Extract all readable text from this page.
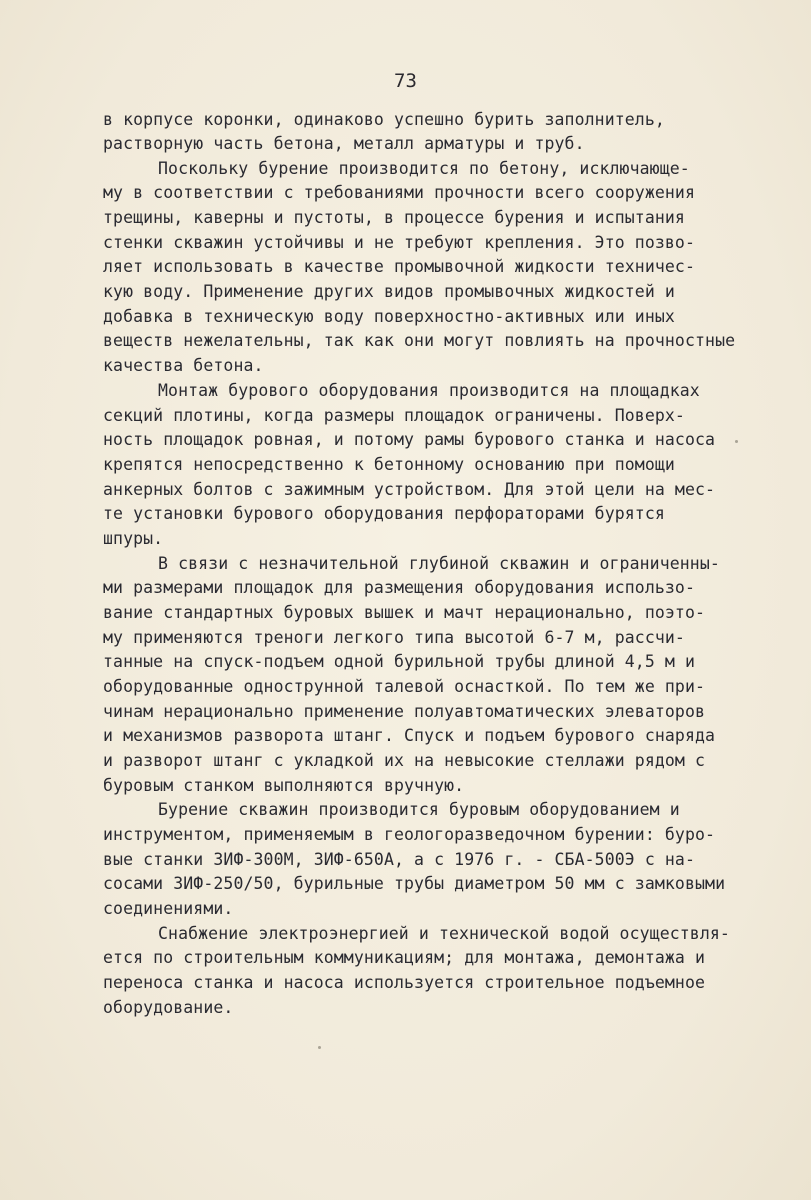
73
в корпусе коронки, одинаково успешно бурить заполнитель,
растворную часть бетона, металл арматуры и труб.
Поскольку бурение производится по бетону, исключающе-
му в соответствии с требованиями прочности всего сооружения
трещины, каверны и пустоты, в процессе бурения и испытания
стенки скважин устойчивы и не требуют крепления. Это позво-
ляет использовать в качестве промывочной жидкости техничес-
кую воду. Применение других видов промывочных жидкостей и
добавка в техническую воду поверхностно-активных или иных
веществ нежелательны, так как они могут повлиять на прочностные
качества бетона.
Монтаж бурового оборудования производится на площадках
секций плотины, когда размеры площадок ограничены. Поверх-
ность площадок ровная, и потому рамы бурового станка и насоса
крепятся непосредственно к бетонному основанию при помощи
анкерных болтов с зажимным устройством. Для этой цели на мес-
те установки бурового оборудования перфораторами бурятся
шпуры.
В связи с незначительной глубиной скважин и ограниченны-
ми размерами площадок для размещения оборудования использо-
вание стандартных буровых вышек и мачт нерационально, поэто-
му применяются треноги легкого типа высотой 6-7 м, рассчи-
танные на спуск-подъем одной бурильной трубы длиной 4,5 м и
оборудованные однострунной талевой оснасткой. По тем же при-
чинам нерационально применение полуавтоматических элеваторов
и механизмов разворота штанг. Спуск и подъем бурового снаряда
и разворот штанг с укладкой их на невысокие стеллажи рядом с
буровым станком выполняются вручную.
Бурение скважин производится буровым оборудованием и
инструментом, применяемым в геологоразведочном бурении: буро-
вые станки ЗИФ-300М, ЗИФ-650А, а с 1976 г. - СБА-500Э с на-
сосами ЗИФ-250/50, бурильные трубы диаметром 50 мм с замковыми
соединениями.
Снабжение электроэнергией и технической водой осуществля-
ется по строительным коммуникациям; для монтажа, демонтажа и
переноса станка и насоса используется строительное подъемное
оборудование.
